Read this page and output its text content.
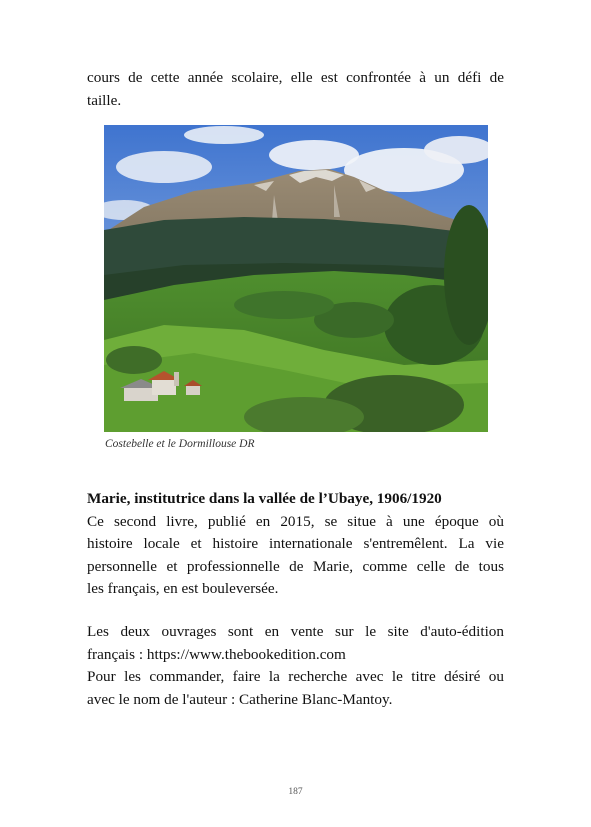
cours de cette année scolaire, elle est confrontée à un défi de
taille.
Costebelle et le Dormillouse DR
Marie, institutrice dans la vallée de l’Ubaye, 1906/1920
Ce second livre, publié en 2015, se situe à une époque où
histoire locale et histoire internationale s'entremêlent. La vie
personnelle et professionnelle de Marie, comme celle de tous
les français, en est bouleversée.
Les deux ouvrages sont en vente sur le site d'auto-édition
français : https://www.thebookedition.com
Pour les commander, faire la recherche avec le titre désiré ou
avec le nom de l'auteur : Catherine Blanc-Mantoy.
187
